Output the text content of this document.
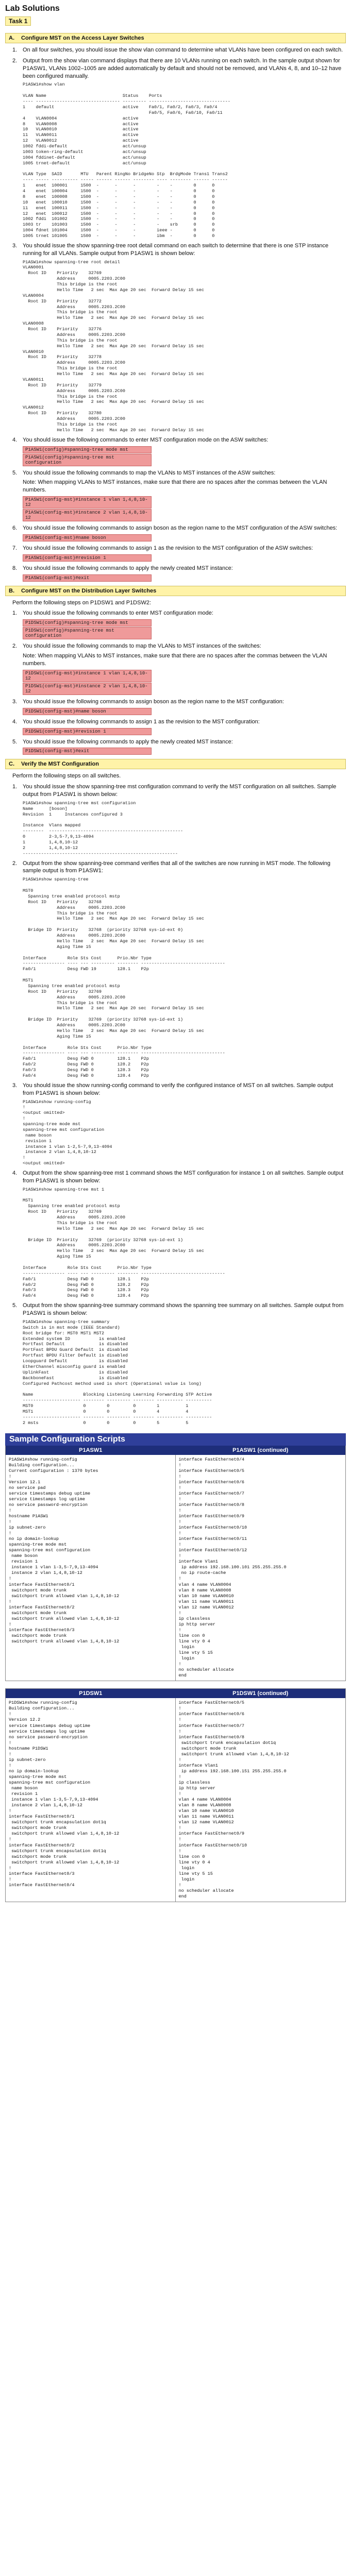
Lab Solutions
Task 1
A. Configure MST on the Access Layer Switches
1. On all four switches, you should issue the show vlan command to determine what VLANs have been configured on each switch.
2. Output from the show vlan command displays that there are 10 VLANs running on each switch. In the sample output shown for P1ASW1, VLANs 1002–1005 are added automatically by default and should not be removed, and VLANs 4, 8, and 10–12 have been configured manually.
P1ASW1#show vlan

VLAN Name                             Status    Ports
---- -------------------------------- --------- -------------------------------
1    default                          active    Fa0/1, Fa0/2, Fa0/3, Fa0/4
Fa0/5, Fa0/6, Fa0/10, Fa0/11
4    VLAN0004                         active
8    VLAN0008                         active
10   VLAN0010                         active
11   VLAN0011                         active
12   VLAN0012                         active
1002 fddi-default                     act/unsup
1003 token-ring-default               act/unsup
1004 fddinet-default                  act/unsup
1005 trnet-default                    act/unsup

VLAN Type  SAID       MTU   Parent RingNo BridgeNo Stp  BrdgMode Trans1 Trans2
---- ----- ---------- ----- ------ ------ -------- ---- -------- ------ ------
1    enet  100001     1500  -      -      -        -    -        0      0
4    enet  100004     1500  -      -      -        -    -        0      0
8    enet  100008     1500  -      -      -        -    -        0      0
10   enet  100010     1500  -      -      -        -    -        0      0
11   enet  100011     1500  -      -      -        -    -        0      0
12   enet  100012     1500  -      -      -        -    -        0      0
1002 fddi  101002     1500  -      -      -        -    -        0      0
1003 tr    101003     1500  -      -      -        -    srb      0      0
1004 fdnet 101004     1500  -      -      -        ieee -        0      0
1005 trnet 101005     1500  -      -      -        ibm  -        0      0
3. You should issue the show spanning-tree root detail command on each switch to determine that there is one STP instance running for all VLANs. Sample output from P1ASW1 is shown below:
P1ASW1#show spanning-tree root detail
VLAN0001
Root ID    Priority    32769
Address     0005.2203.2C00
This bridge is the root
Hello Time   2 sec  Max Age 20 sec  Forward Delay 15 sec
VLAN0004
Root ID    Priority    32772
Address     0005.2203.2C00
This bridge is the root
Hello Time   2 sec  Max Age 20 sec  Forward Delay 15 sec
VLAN0008
Root ID    Priority    32776
Address     0005.2203.2C00
This bridge is the root
Hello Time   2 sec  Max Age 20 sec  Forward Delay 15 sec
VLAN0010
Root ID    Priority    32778
Address     0005.2203.2C00
This bridge is the root
Hello Time   2 sec  Max Age 20 sec  Forward Delay 15 sec
VLAN0011
Root ID    Priority    32779
Address     0005.2203.2C00
This bridge is the root
Hello Time   2 sec  Max Age 20 sec  Forward Delay 15 sec
VLAN0012
Root ID    Priority    32780
Address     0005.2203.2C00
This bridge is the root
Hello Time   2 sec  Max Age 20 sec  Forward Delay 15 sec
4. You should issue the following commands to enter MST configuration mode on the ASW switches:
P1ASW1(config)#spanning-tree mode mst
P1ASW1(config)#spanning-tree mst configuration
5. You should issue the following commands to map the VLANs to MST instances of the ASW switches:
Note: When mapping VLANs to MST instances, make sure that there are no spaces after the commas between the VLAN numbers.
P1ASW1(config-mst)#instance 1 vlan 1,4,8,10-12
P1ASW1(config-mst)#instance 2 vlan 1,4,8,10-12
6. You should issue the following commands to assign boson as the region name to the MST configuration of the ASW switches:
P1ASW1(config-mst)#name boson
7. You should issue the following commands to assign 1 as the revision to the MST configuration of the ASW switches:
P1ASW1(config-mst)#revision 1
8. You should issue the following commands to apply the newly created MST instance:
P1ASW1(config-mst)#exit
B. Configure MST on the Distribution Layer Switches
Perform the following steps on P1DSW1 and P1DSW2:
1. You should issue the following commands to enter MST configuration mode:
P1DSW1(config)#spanning-tree mode mst
P1DSW1(config)#spanning-tree mst configuration
2. You should issue the following commands to map the VLANs to MST instances of the switches:
Note: When mapping VLANs to MST instances, make sure that there are no spaces after the commas between the VLAN numbers.
P1DSW1(config-mst)#instance 1 vlan 1,4,8,10-12
P1DSW1(config-mst)#instance 2 vlan 1,4,8,10-12
3. You should issue the following commands to assign boson as the region name to the MST configuration:
P1DSW1(config-mst)#name boson
4. You should issue the following commands to assign 1 as the revision to the MST configuration:
P1DSW1(config-mst)#revision 1
5. You should issue the following commands to apply the newly created MST instance:
P1DSW1(config-mst)#exit
C. Verify the MST Configuration
Perform the following steps on all switches.
1. You should issue the show spanning-tree mst configuration command to verify the MST configuration on all switches. Sample output from P1ASW1 is shown below:
P1ASW1#show spanning-tree mst configuration
Name      [boson]
Revision  1     Instances configured 3

Instance  Vlans mapped
--------  ---------------------------------------------------
0         2-3,5-7,9,13-4094
1         1,4,8,10-12
2         1,4,8,10-12
-----------------------------------------------------------
2. Output from the show spanning-tree command verifies that all of the switches are now running in MST mode. The following sample output is from P1ASW1:
P1ASW1#show spanning-tree

MST0
Spanning tree enabled protocol mstp
Root ID    Priority    32768
Address     0005.2203.2C00
This bridge is the root
Hello Time   2 sec  Max Age 20 sec  Forward Delay 15 sec

Bridge ID  Priority    32768  (priority 32768 sys-id-ext 0)
Address     0005.2203.2C00
Hello Time   2 sec  Max Age 20 sec  Forward Delay 15 sec
Aging Time 15

Interface        Role Sts Cost      Prio.Nbr Type
---------------- ---- --- --------- -------- --------------------------------
Fa0/1            Desg FWD 19        128.1    P2p

MST1
Spanning tree enabled protocol mstp
Root ID    Priority    32769
Address     0005.2203.2C00
This bridge is the root
Hello Time   2 sec  Max Age 20 sec  Forward Delay 15 sec

Bridge ID  Priority    32769  (priority 32768 sys-id-ext 1)
Address     0005.2203.2C00
Hello Time   2 sec  Max Age 20 sec  Forward Delay 15 sec
Aging Time 15

Interface        Role Sts Cost      Prio.Nbr Type
---------------- ---- --- --------- -------- --------------------------------
Fa0/1            Desg FWD 0         128.1    P2p
Fa0/2            Desg FWD 0         128.2    P2p
Fa0/3            Desg FWD 0         128.3    P2p
Fa0/4            Desg FWD 0         128.4    P2p
3. You should issue the show running-config command to verify the configured instance of MST on all switches. Sample output from P1ASW1 is shown below:
P1ASW1#show running-config
!
<output omitted>
!
spanning-tree mode mst
spanning-tree mst configuration
name boson
revision 1
instance 1 vlan 1-2,5-7,9,13-4094
instance 2 vlan 1,4,8,10-12
!
<output omitted>
4. Output from the show spanning-tree mst 1 command shows the MST configuration for instance 1 on all switches. Sample output from P1ASW1 is shown below:
P1ASW1#show spanning-tree mst 1

MST1
Spanning tree enabled protocol mstp
Root ID    Priority    32769
Address     0005.2203.2C00
This bridge is the root
Hello Time   2 sec  Max Age 20 sec  Forward Delay 15 sec

Bridge ID  Priority    32769  (priority 32768 sys-id-ext 1)
Address     0005.2203.2C00
Hello Time   2 sec  Max Age 20 sec  Forward Delay 15 sec
Aging Time 15

Interface        Role Sts Cost      Prio.Nbr Type
---------------- ---- --- --------- -------- --------------------------------
Fa0/1            Desg FWD 0         128.1    P2p
Fa0/2            Desg FWD 0         128.2    P2p
Fa0/3            Desg FWD 0         128.3    P2p
Fa0/4            Desg FWD 0         128.4    P2p
5. Output from the show spanning-tree summary command shows the spanning tree summary on all switches. Sample output from P1ASW1 is shown below:
P1ASW1#show spanning-tree summary
Switch is in mst mode (IEEE Standard)
Root bridge for: MST0 MST1 MST2
Extended system ID           is enabled
Portfast Default             is disabled
PortFast BPDU Guard Default  is disabled
Portfast BPDU Filter Default is disabled
Loopguard Default            is disabled
EtherChannel misconfig guard is enabled
UplinkFast                   is disabled
BackboneFast                 is disabled
Configured Pathcost method used is short (Operational value is long)

Name                   Blocking Listening Learning Forwarding STP Active
---------------------- -------- --------- -------- ---------- ----------
MST0                   0        0         0        1          1
MST1                   0        0         0        4          4
---------------------- -------- --------- -------- ---------- ----------
2 msts                 0        0         0        5          5
Sample Configuration Scripts
P1ASW1	P1ASW1 (continued)
P1ASW1#show running-config
Building configuration...
Current configuration : 1370 bytes
!
Version 12.1
no service pad
service timestamps debug uptime
service timestamps log uptime
no service password-encryption
!
hostname P1ASW1
!
ip subnet-zero
!
no ip domain-lookup
spanning-tree mode mst
spanning-tree mst configuration
name boson
revision 1
instance 1 vlan 1-3,5-7,9,13-4094
instance 2 vlan 1,4,8,10-12
!
interface FastEthernet0/1
switchport mode trunk
switchport trunk allowed vlan 1,4,8,10-12
!
interface FastEthernet0/2
switchport mode trunk
switchport trunk allowed vlan 1,4,8,10-12
!
interface FastEthernet0/3
switchport mode trunk
switchport trunk allowed vlan 1,4,8,10-12
interface FastEthernet0/4
!
interface FastEthernet0/5
!
interface FastEthernet0/6
!
interface FastEthernet0/7
!
interface FastEthernet0/8
!
interface FastEthernet0/9
!
interface FastEthernet0/10
!
interface FastEthernet0/11
!
interface FastEthernet0/12
!
interface Vlan1
ip address 192.168.100.101 255.255.255.0
no ip route-cache
!
vlan 4 name VLAN0004
vlan 8 name VLAN0008
vlan 10 name VLAN0010
vlan 11 name VLAN0011
vlan 12 name VLAN0012
!
ip classless
ip http server
!
line con 0
line vty 0 4
login
line vty 5 15
login
!
no scheduler allocate
end
P1DSW1	P1DSW1 (continued)
P1DSW1#show running-config
Building configuration...
!
Version 12.2
service timestamps debug uptime
service timestamps log uptime
no service password-encryption
!
hostname P1DSW1
!
ip subnet-zero
!
no ip domain-lookup
spanning-tree mode mst
spanning-tree mst configuration
name boson
revision 1
instance 1 vlan 1-3,5-7,9,13-4094
instance 2 vlan 1,4,8,10-12
!
interface FastEthernet0/1
switchport trunk encapsulation dot1q
switchport mode trunk
switchport trunk allowed vlan 1,4,8,10-12
!
interface FastEthernet0/2
switchport trunk encapsulation dot1q
switchport mode trunk
switchport trunk allowed vlan 1,4,8,10-12
!
interface FastEthernet0/3
!
interface FastEthernet0/4
interface FastEthernet0/5
!
interface FastEthernet0/6
!
interface FastEthernet0/7
!
interface FastEthernet0/8
switchport trunk encapsulation dot1q
switchport mode trunk
switchport trunk allowed vlan 1,4,8,10-12
!
interface Vlan1
ip address 192.168.100.151 255.255.255.0
!
ip classless
ip http server
!
vlan 4 name VLAN0004
vlan 8 name VLAN0008
vlan 10 name VLAN0010
vlan 11 name VLAN0011
vlan 12 name VLAN0012
!
interface FastEthernet0/9
!
interface FastEthernet0/10
!
line con 0
line vty 0 4
login
line vty 5 15
login
!
no scheduler allocate
end
